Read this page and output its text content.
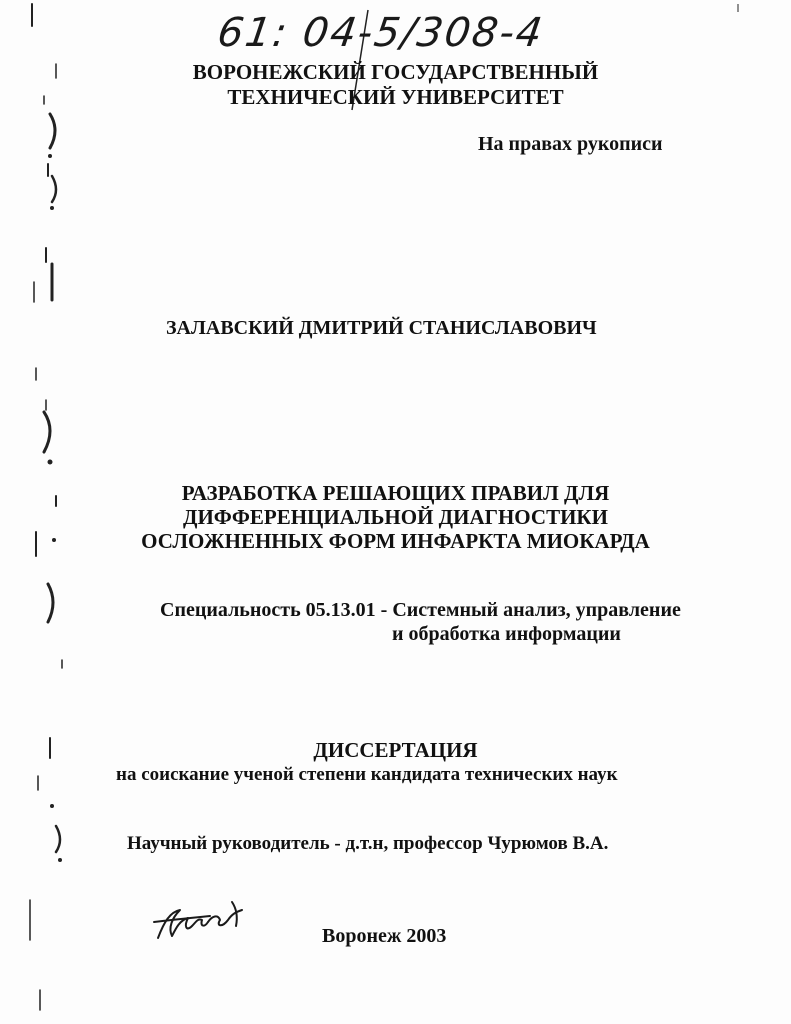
61: 04-5/308-4
ВОРОНЕЖСКИЙ ГОСУДАРСТВЕННЫЙ
ТЕХНИЧЕСКИЙ УНИВЕРСИТЕТ
На правах рукописи
ЗАЛАВСКИЙ ДМИТРИЙ СТАНИСЛАВОВИЧ
РАЗРАБОТКА РЕШАЮЩИХ ПРАВИЛ ДЛЯ
ДИФФЕРЕНЦИАЛЬНОЙ ДИАГНОСТИКИ
ОСЛОЖНЕННЫХ ФОРМ ИНФАРКТА МИОКАРДА
Специальность 05.13.01 - Системный анализ, управление
и обработка информации
ДИССЕРТАЦИЯ
на соискание ученой степени кандидата технических наук
Научный руководитель - д.т.н, профессор Чурюмов В.А.
Воронеж 2003
